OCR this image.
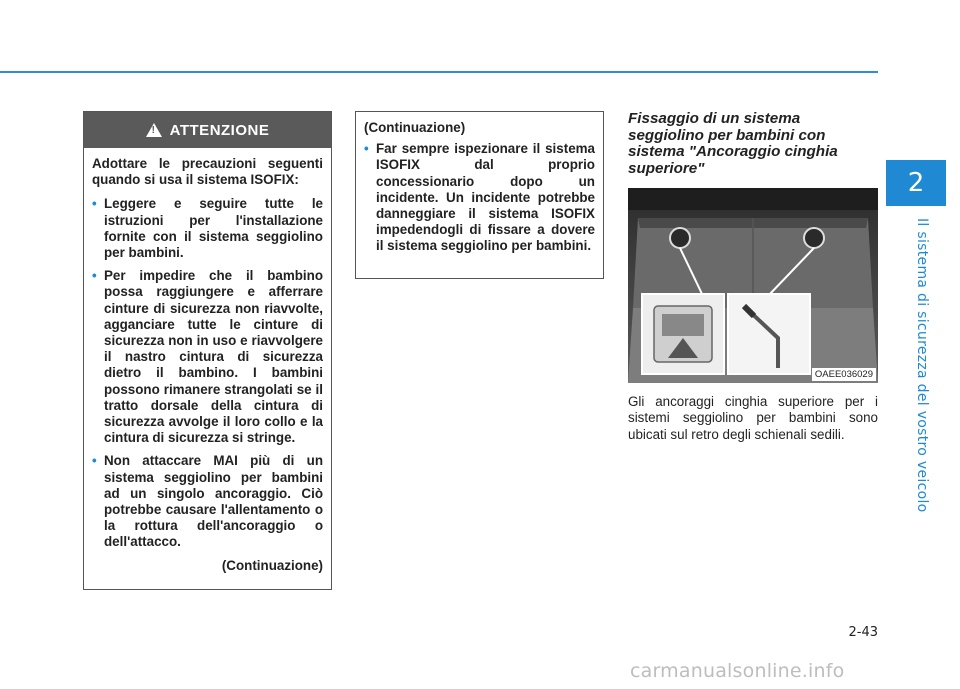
2
Il sistema di sicurezza del vostro veicolo
! ATTENZIONE

Adottare le precauzioni seguenti quando si usa il sistema ISOFIX:

• Leggere e seguire tutte le istruzioni per l'installazione fornite con il sistema seggiolino per bambini.

• Per impedire che il bambino possa raggiungere e afferrare cinture di sicurezza non riavvolte, agganciare tutte le cinture di sicurezza non in uso e riavvolgere il nastro cintura di sicurezza dietro il bambino. I bambini possono rimanere strangolati se il tratto dorsale della cintura di sicurezza avvolge il loro collo e la cintura di sicurezza si stringe.

• Non attaccare MAI più di un sistema seggiolino per bambini ad un singolo ancoraggio. Ciò potrebbe causare l'allentamento o la rottura dell'ancoraggio o dell'attacco.

(Continuazione)

(Continuazione)

• Far sempre ispezionare il sistema ISOFIX dal proprio concessionario dopo un incidente. Un incidente potrebbe danneggiare il sistema ISOFIX impedendogli di fissare a dovere il sistema seggiolino per bambini.

Fissaggio di un sistema seggiolino per bambini con sistema "Ancoraggio cinghia superiore"
OAEE036029

Gli ancoraggi cinghia superiore per i sistemi seggiolino per bambini sono ubicati sul retro degli schienali sedili.

2-43
carmanualsonline.info
